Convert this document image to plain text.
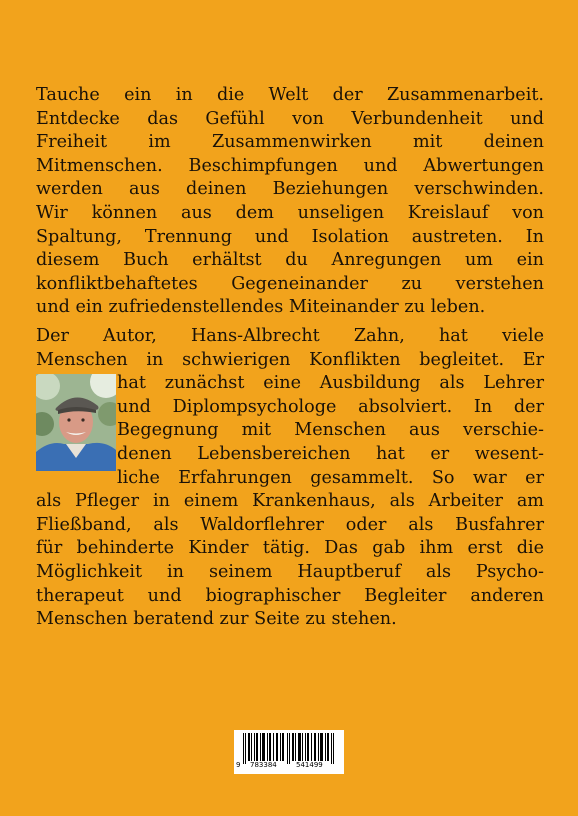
Tauche ein in die Welt der Zusammenarbeit.
Entdecke das Gefühl von Verbundenheit und
Freiheit im Zusammenwirken mit deinen
Mitmenschen. Beschimpfungen und Abwertungen
werden aus deinen Beziehungen verschwinden.
Wir können aus dem unseligen Kreislauf von
Spaltung, Trennung und Isolation austreten. In
diesem Buch erhältst du Anregungen um ein
konfliktbehaftetes Gegeneinander zu verstehen
und ein zufriedenstellendes Miteinander zu leben.
Der Autor, Hans-Albrecht Zahn, hat viele
Menschen in schwierigen Konflikten begleitet. Er
hat zunächst eine Ausbildung als Lehrer
und Diplompsychologe absolviert. In der
Begegnung mit Menschen aus verschie-
denen Lebensbereichen hat er wesent-
liche Erfahrungen gesammelt. So war er
als Pfleger in einem Krankenhaus, als Arbeiter am
Fließband, als Waldorflehrer oder als Busfahrer
für behinderte Kinder tätig. Das gab ihm erst die
Möglichkeit in seinem Hauptberuf als Psycho-
therapeut und biographischer Begleiter anderen
Menschen beratend zur Seite zu stehen.
9 783384	541499
